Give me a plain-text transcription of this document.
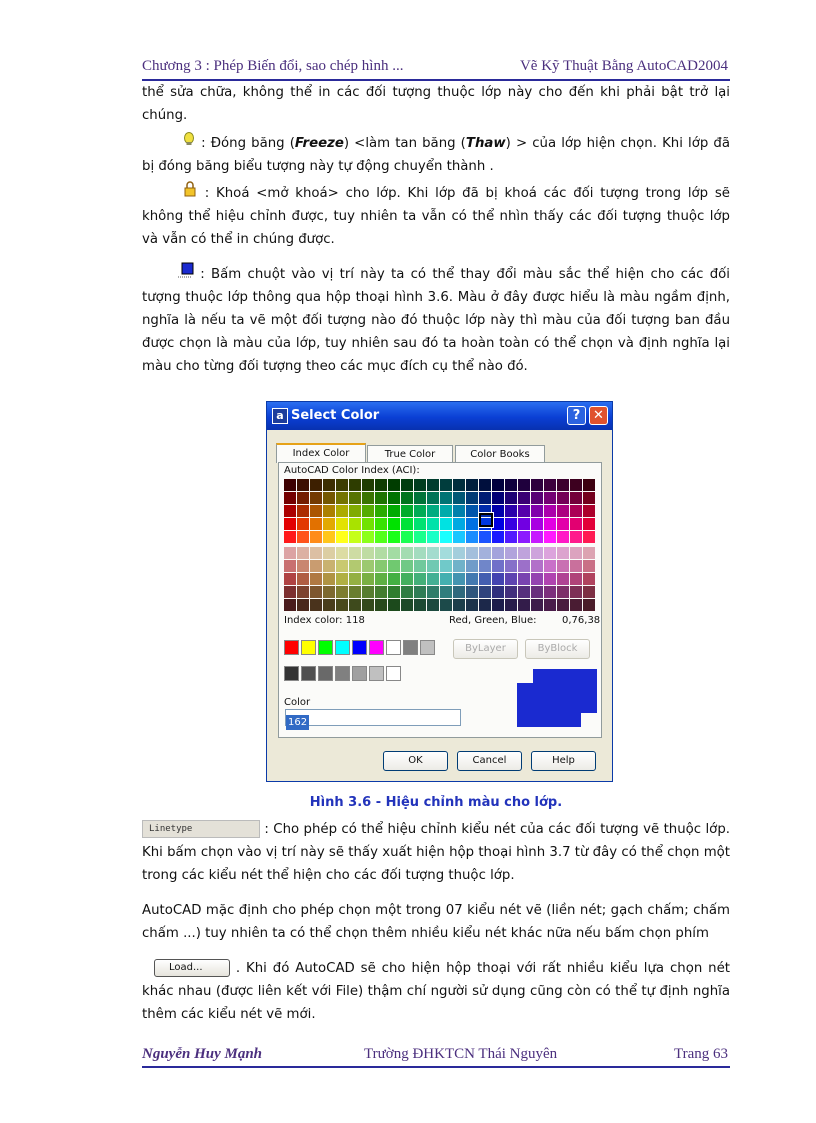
Chương 3 : Phép Biến đổi, sao chép hình ...	Vẽ Kỹ Thuật Bằng AutoCAD2004
thể sửa chữa, không thể in các đối tượng thuộc lớp này cho đến khi phải bật trở lại chúng.
: Đóng băng (Freeze) <làm tan băng (Thaw) > của lớp hiện chọn. Khi lớp đã bị đóng băng biểu tượng này tự động chuyển thành .
: Khoá <mở khoá> cho lớp. Khi lớp đã bị khoá các đối tượng trong lớp sẽ không thể hiệu chỉnh được, tuy nhiên ta vẫn có thể nhìn thấy các đối tượng thuộc lớp và vẫn có thể in chúng được.
: Bấm chuột vào vị trí này ta có thể thay đổi màu sắc thể hiện cho các đối tượng thuộc lớp thông qua hộp thoại hình 3.6. Màu ở đây được hiểu là màu ngầm định, nghĩa là nếu ta vẽ một đối tượng nào đó thuộc lớp này thì màu của đối tượng ban đầu được chọn là màu của lớp, tuy nhiên sau đó ta hoàn toàn có thể chọn và định nghĩa lại màu cho từng đối tượng theo các mục đích cụ thể nào đó.
a Select Color	? ✕
Index Color	True Color	Color Books
AutoCAD Color Index (ACI):
Index color: 118	Red, Green, Blue:	0,76,38
ByLayer	ByBlock
Color
162
OK	Cancel	Help
Hình 3.6 - Hiệu chỉnh màu cho lớp.
Linetype	: Cho phép có thể hiệu chỉnh kiểu nét của các đối tượng vẽ thuộc lớp. Khi bấm chọn vào vị trí này sẽ thấy xuất hiện hộp thoại hình 3.7 từ đây có thể chọn một trong các kiểu nét thể hiện cho các đối tượng thuộc lớp.
AutoCAD mặc định cho phép chọn một trong 07 kiểu nét vẽ (liền nét; gạch chấm; chấm chấm ...) tuy nhiên ta có thể chọn thêm nhiều kiểu nét khác nữa nếu bấm chọn phím
Load...	. Khi đó AutoCAD sẽ cho hiện hộp thoại với rất nhiều kiểu lựa chọn nét khác nhau (được liên kết với File) thậm chí người sử dụng cũng còn có thể tự định nghĩa thêm các kiểu nét vẽ mới.
Nguyễn Huy Mạnh	Trường ĐHKTCN Thái Nguyên	Trang 63
